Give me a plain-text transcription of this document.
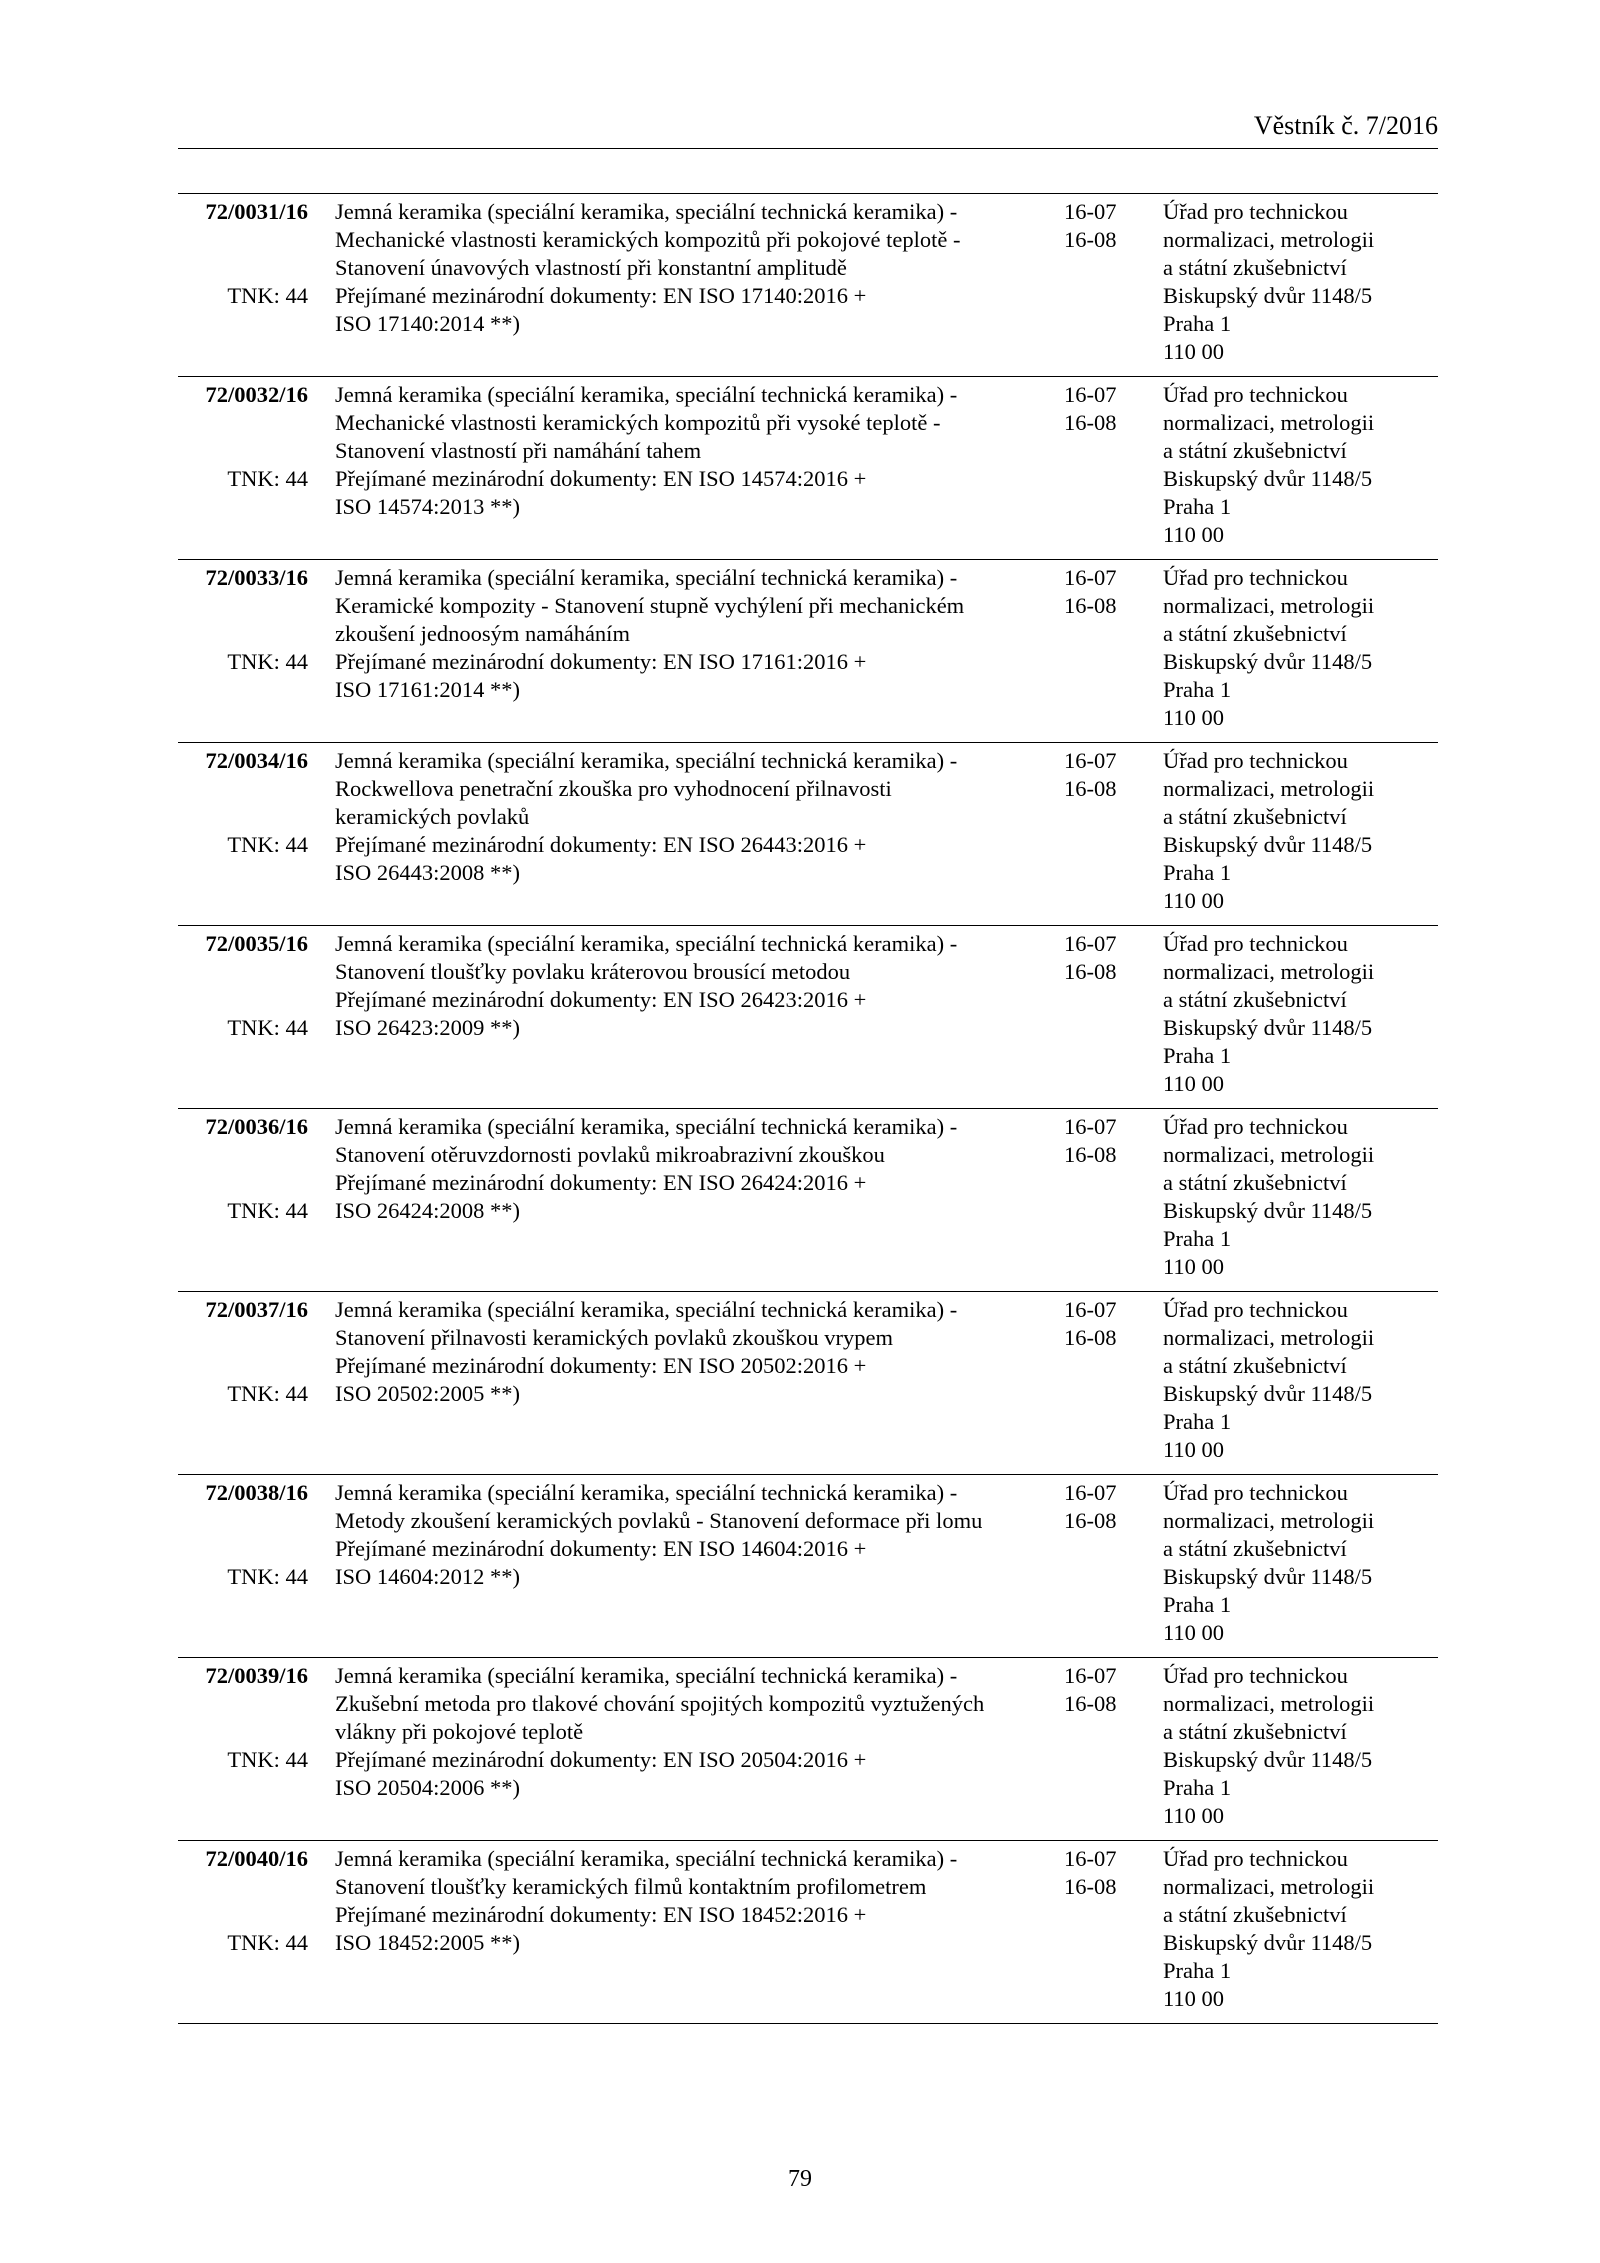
Věstník č. 7/2016
72/0031/16
TNK: 44
Jemná keramika (speciální keramika, speciální technická keramika) -
Mechanické vlastnosti keramických kompozitů při pokojové teplotě -
Stanovení únavových vlastností při konstantní amplitudě
Přejímané mezinárodní dokumenty: EN ISO 17140:2016 +
ISO 17140:2014 **)
16-07
16-08
Úřad pro technickou
normalizaci, metrologii
a státní zkušebnictví
Biskupský dvůr 1148/5
Praha 1
110 00
72/0032/16
TNK: 44
Jemná keramika (speciální keramika, speciální technická keramika) -
Mechanické vlastnosti keramických kompozitů při vysoké teplotě -
Stanovení vlastností při namáhání tahem
Přejímané mezinárodní dokumenty: EN ISO 14574:2016 +
ISO 14574:2013 **)
16-07
16-08
Úřad pro technickou
normalizaci, metrologii
a státní zkušebnictví
Biskupský dvůr 1148/5
Praha 1
110 00
72/0033/16
TNK: 44
Jemná keramika (speciální keramika, speciální technická keramika) -
Keramické kompozity - Stanovení stupně vychýlení při mechanickém
zkoušení jednoosým namáháním
Přejímané mezinárodní dokumenty: EN ISO 17161:2016 +
ISO 17161:2014 **)
16-07
16-08
Úřad pro technickou
normalizaci, metrologii
a státní zkušebnictví
Biskupský dvůr 1148/5
Praha 1
110 00
72/0034/16
TNK: 44
Jemná keramika (speciální keramika, speciální technická keramika) -
Rockwellova penetrační zkouška pro vyhodnocení přilnavosti
keramických povlaků
Přejímané mezinárodní dokumenty: EN ISO 26443:2016 +
ISO 26443:2008 **)
16-07
16-08
Úřad pro technickou
normalizaci, metrologii
a státní zkušebnictví
Biskupský dvůr 1148/5
Praha 1
110 00
72/0035/16
TNK: 44
Jemná keramika (speciální keramika, speciální technická keramika) -
Stanovení tloušťky povlaku kráterovou brousící metodou
Přejímané mezinárodní dokumenty: EN ISO 26423:2016 +
ISO 26423:2009 **)
16-07
16-08
Úřad pro technickou
normalizaci, metrologii
a státní zkušebnictví
Biskupský dvůr 1148/5
Praha 1
110 00
72/0036/16
TNK: 44
Jemná keramika (speciální keramika, speciální technická keramika) -
Stanovení otěruvzdornosti povlaků mikroabrazivní zkouškou
Přejímané mezinárodní dokumenty: EN ISO 26424:2016 +
ISO 26424:2008 **)
16-07
16-08
Úřad pro technickou
normalizaci, metrologii
a státní zkušebnictví
Biskupský dvůr 1148/5
Praha 1
110 00
72/0037/16
TNK: 44
Jemná keramika (speciální keramika, speciální technická keramika) -
Stanovení přilnavosti keramických povlaků zkouškou vrypem
Přejímané mezinárodní dokumenty: EN ISO 20502:2016 +
ISO 20502:2005 **)
16-07
16-08
Úřad pro technickou
normalizaci, metrologii
a státní zkušebnictví
Biskupský dvůr 1148/5
Praha 1
110 00
72/0038/16
TNK: 44
Jemná keramika (speciální keramika, speciální technická keramika) -
Metody zkoušení keramických povlaků - Stanovení deformace při lomu
Přejímané mezinárodní dokumenty: EN ISO 14604:2016 +
ISO 14604:2012 **)
16-07
16-08
Úřad pro technickou
normalizaci, metrologii
a státní zkušebnictví
Biskupský dvůr 1148/5
Praha 1
110 00
72/0039/16
TNK: 44
Jemná keramika (speciální keramika, speciální technická keramika) -
Zkušební metoda pro tlakové chování spojitých kompozitů vyztužených
vlákny při pokojové teplotě
Přejímané mezinárodní dokumenty: EN ISO 20504:2016 +
ISO 20504:2006 **)
16-07
16-08
Úřad pro technickou
normalizaci, metrologii
a státní zkušebnictví
Biskupský dvůr 1148/5
Praha 1
110 00
72/0040/16
TNK: 44
Jemná keramika (speciální keramika, speciální technická keramika) -
Stanovení tloušťky keramických filmů kontaktním profilometrem
Přejímané mezinárodní dokumenty: EN ISO 18452:2016 +
ISO 18452:2005 **)
16-07
16-08
Úřad pro technickou
normalizaci, metrologii
a státní zkušebnictví
Biskupský dvůr 1148/5
Praha 1
110 00
79
